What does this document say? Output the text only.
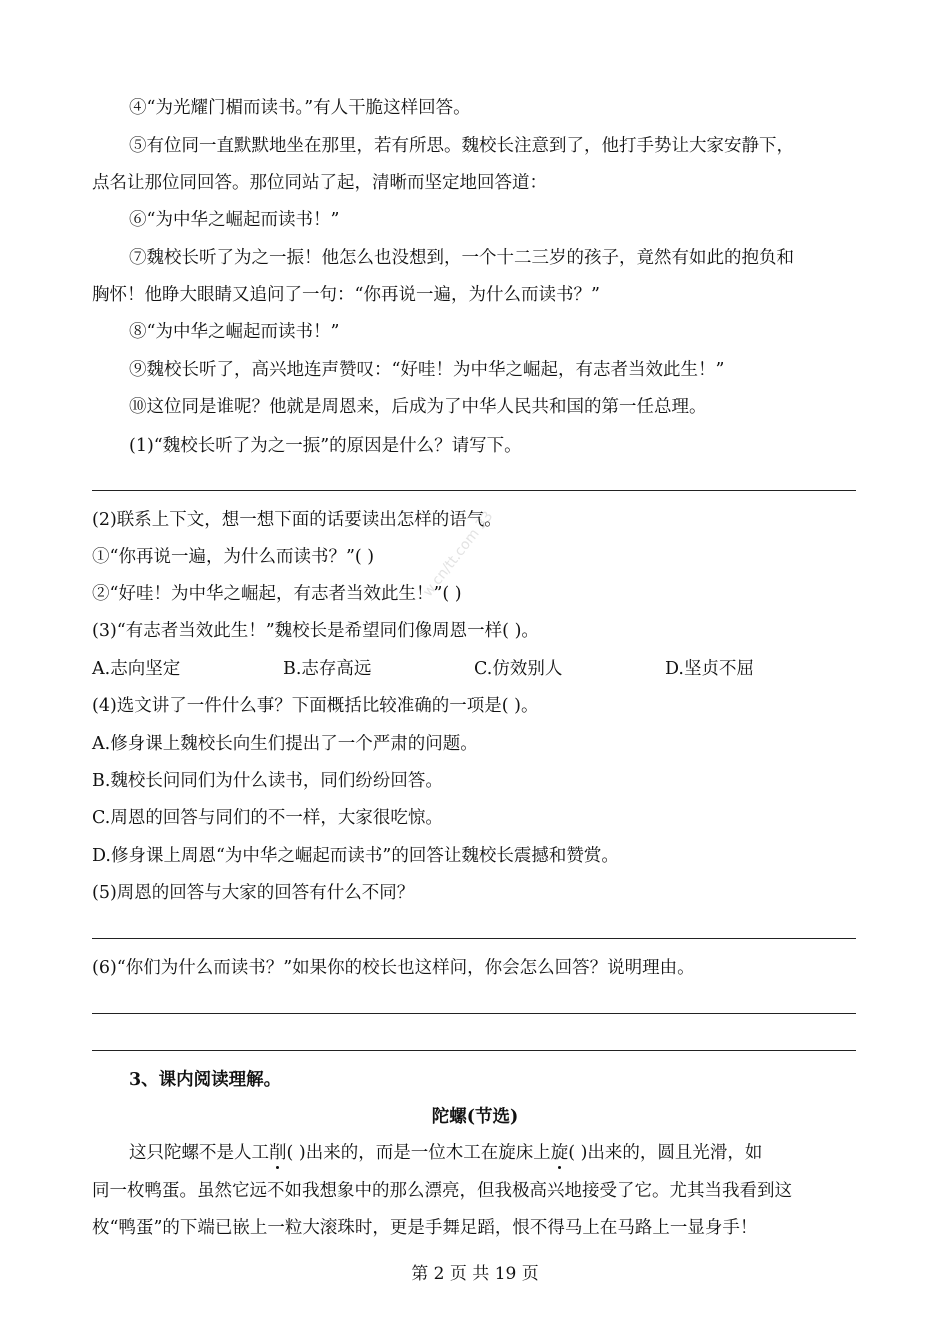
w.cn/tt.com 33
④“为光耀门楣而读书。”有人干脆这样回答。
⑤有位同一直默默地坐在那里，若有所思。魏校长注意到了，他打手势让大家安静下，
点名让那位同回答。那位同站了起，清晰而坚定地回答道：
⑥“为中华之崛起而读书！”
⑦魏校长听了为之一振！他怎么也没想到，一个十二三岁的孩子，竟然有如此的抱负和
胸怀！他睁大眼睛又追问了一句：“你再说一遍，为什么而读书？”
⑧“为中华之崛起而读书！”
⑨魏校长听了，高兴地连声赞叹：“好哇！为中华之崛起，有志者当效此生！”
⑩这位同是谁呢？他就是周恩来，后成为了中华人民共和国的第一任总理。
(1)“魏校长听了为之一振”的原因是什么？请写下。
(2)联系上下文，想一想下面的话要读出怎样的语气。
①“你再说一遍，为什么而读书？”( )
②“好哇！为中华之崛起，有志者当效此生！”( )
(3)“有志者当效此生！”魏校长是希望同们像周恩一样( )。
A.志向坚定	B.志存高远	C.仿效别人	D.坚贞不屈
(4)选文讲了一件什么事？下面概括比较准确的一项是( )。
A.修身课上魏校长向生们提出了一个严肃的问题。
B.魏校长问同们为什么读书，同们纷纷回答。
C.周恩的回答与同们的不一样，大家很吃惊。
D.修身课上周恩“为中华之崛起而读书”的回答让魏校长震撼和赞赏。
(5)周恩的回答与大家的回答有什么不同？
(6)“你们为什么而读书？”如果你的校长也这样问，你会怎么回答？说明理由。
3、课内阅读理解。
陀螺(节选)
这只陀螺不是人工削( )出来的，而是一位木工在旋床上旋( )出来的，圆且光滑，如
同一枚鸭蛋。虽然它远不如我想象中的那么漂亮，但我极高兴地接受了它。尤其当我看到这
枚“鸭蛋”的下端已嵌上一粒大滚珠时，更是手舞足蹈，恨不得马上在马路上一显身手！
第 2 页 共 19 页
